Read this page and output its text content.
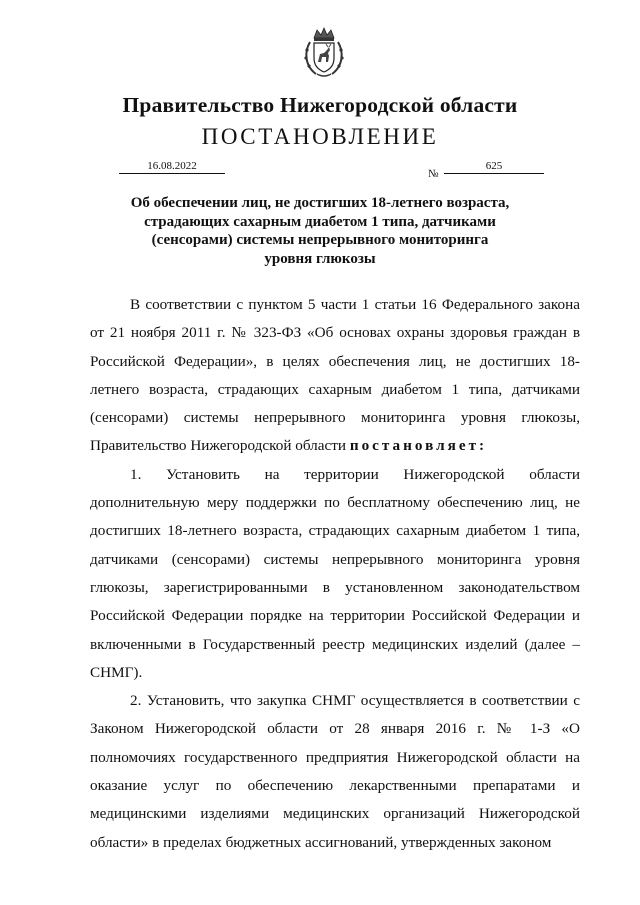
Правительство Нижегородской области
ПОСТАНОВЛЕНИЕ
16.08.2022
№
625
Об обеспечении лиц, не достигших 18-летнего возраста, страдающих сахарным диабетом 1 типа, датчиками (сенсорами) системы непрерывного мониторинга уровня глюкозы

В соответствии с пунктом 5 части 1 статьи 16 Федерального закона от 21 ноября 2011 г. № 323-ФЗ «Об основах охраны здоровья граждан в Российской Федерации», в целях обеспечения лиц, не достигших 18-летнего возраста, страдающих сахарным диабетом 1 типа, датчиками (сенсорами) системы непрерывного мониторинга уровня глюкозы, Правительство Нижегородской области постановляет:

1. Установить на территории Нижегородской области дополнительную меру поддержки по бесплатному обеспечению лиц, не достигших 18-летнего возраста, страдающих сахарным диабетом 1 типа, датчиками (сенсорами) системы непрерывного мониторинга уровня глюкозы, зарегистрированными в установленном законодательством Российской Федерации порядке на территории Российской Федерации и включенными в Государственный реестр медицинских изделий (далее – СНМГ).

2. Установить, что закупка СНМГ осуществляется в соответствии с Законом Нижегородской области от 28 января 2016 г. № 1-З «О полномочиях государственного предприятия Нижегородской области на оказание услуг по обеспечению лекарственными препаратами и медицинскими изделиями медицинских организаций Нижегородской области» в пределах бюджетных ассигнований, утвержденных законом
